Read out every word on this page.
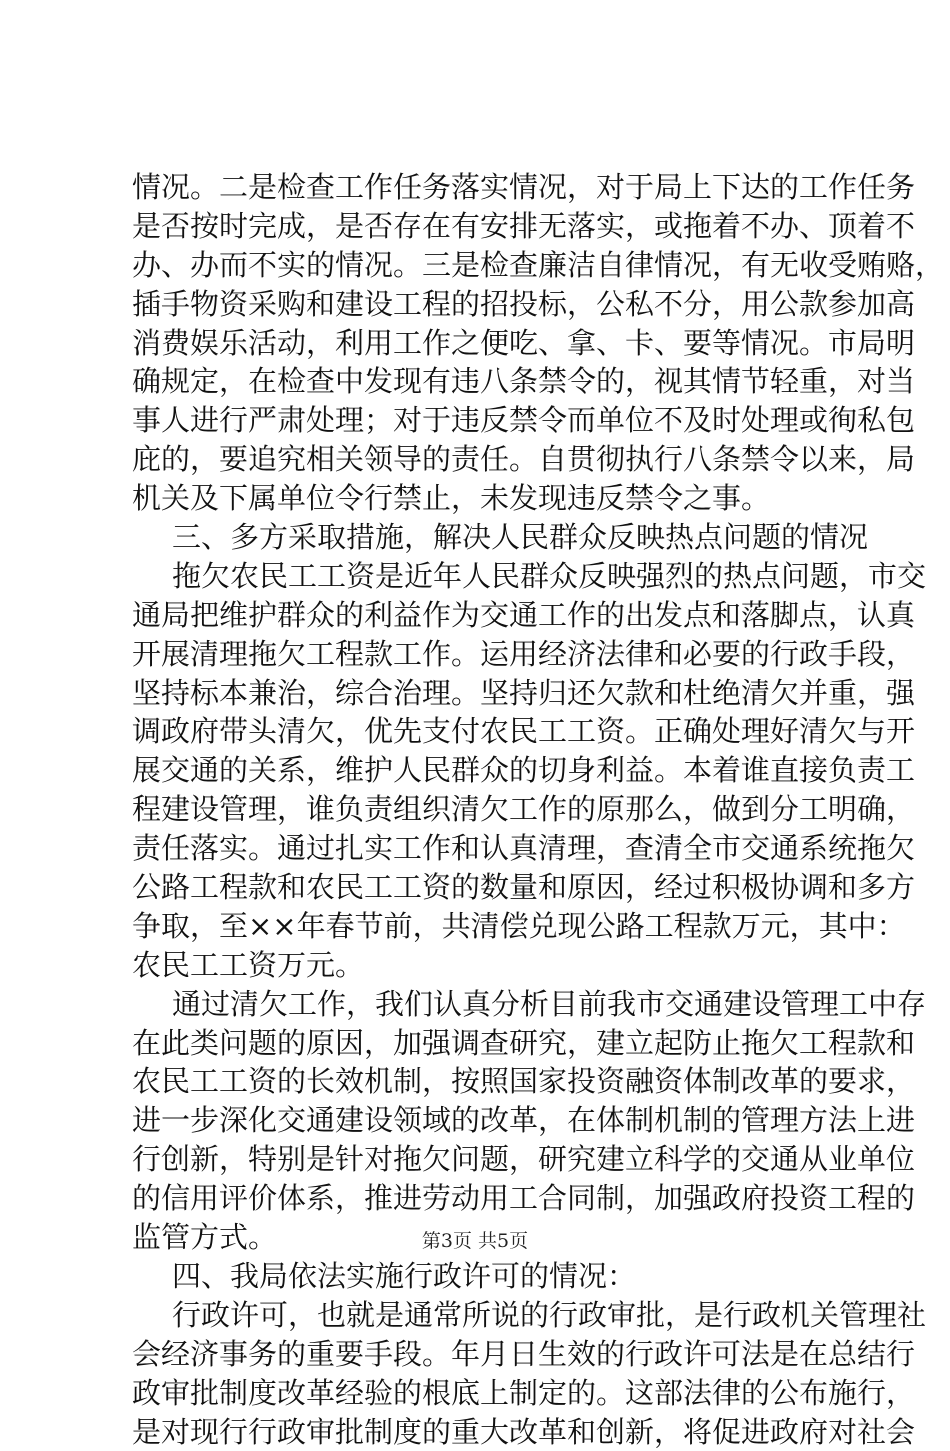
情况。二是检查工作任务落实情况，对于局上下达的工作任务
是否按时完成，是否存在有安排无落实，或拖着不办、顶着不
办、办而不实的情况。三是检查廉洁自律情况，有无收受贿赂，
插手物资采购和建设工程的招投标，公私不分，用公款参加高
消费娱乐活动，利用工作之便吃、拿、卡、要等情况。市局明
确规定，在检查中发现有违八条禁令的，视其情节轻重，对当
事人进行严肃处理；对于违反禁令而单位不及时处理或徇私包
庇的，要追究相关领导的责任。自贯彻执行八条禁令以来，局
机关及下属单位令行禁止，未发现违反禁令之事。
三、多方采取措施，解决人民群众反映热点问题的情况
拖欠农民工工资是近年人民群众反映强烈的热点问题，市交
通局把维护群众的利益作为交通工作的出发点和落脚点，认真
开展清理拖欠工程款工作。运用经济法律和必要的行政手段，
坚持标本兼治，综合治理。坚持归还欠款和杜绝清欠并重，强
调政府带头清欠，优先支付农民工工资。正确处理好清欠与开
展交通的关系，维护人民群众的切身利益。本着谁直接负责工
程建设管理，谁负责组织清欠工作的原那么，做到分工明确，
责任落实。通过扎实工作和认真清理，查清全市交通系统拖欠
公路工程款和农民工工资的数量和原因，经过积极协调和多方
争取，至××年春节前，共清偿兑现公路工程款万元，其中：
农民工工资万元。
通过清欠工作，我们认真分析目前我市交通建设管理工中存
在此类问题的原因，加强调查研究，建立起防止拖欠工程款和
农民工工资的长效机制，按照国家投资融资体制改革的要求，
进一步深化交通建设领域的改革，在体制机制的管理方法上进
行创新，特别是针对拖欠问题，研究建立科学的交通从业单位
的信用评价体系，推进劳动用工合同制，加强政府投资工程的
监管方式。
四、我局依法实施行政许可的情况：
行政许可，也就是通常所说的行政审批，是行政机关管理社
会经济事务的重要手段。年月日生效的行政许可法是在总结行
政审批制度改革经验的根底上制定的。这部法律的公布施行，
是对现行行政审批制度的重大改革和创新，将促进政府对社会
第3页 共5页
